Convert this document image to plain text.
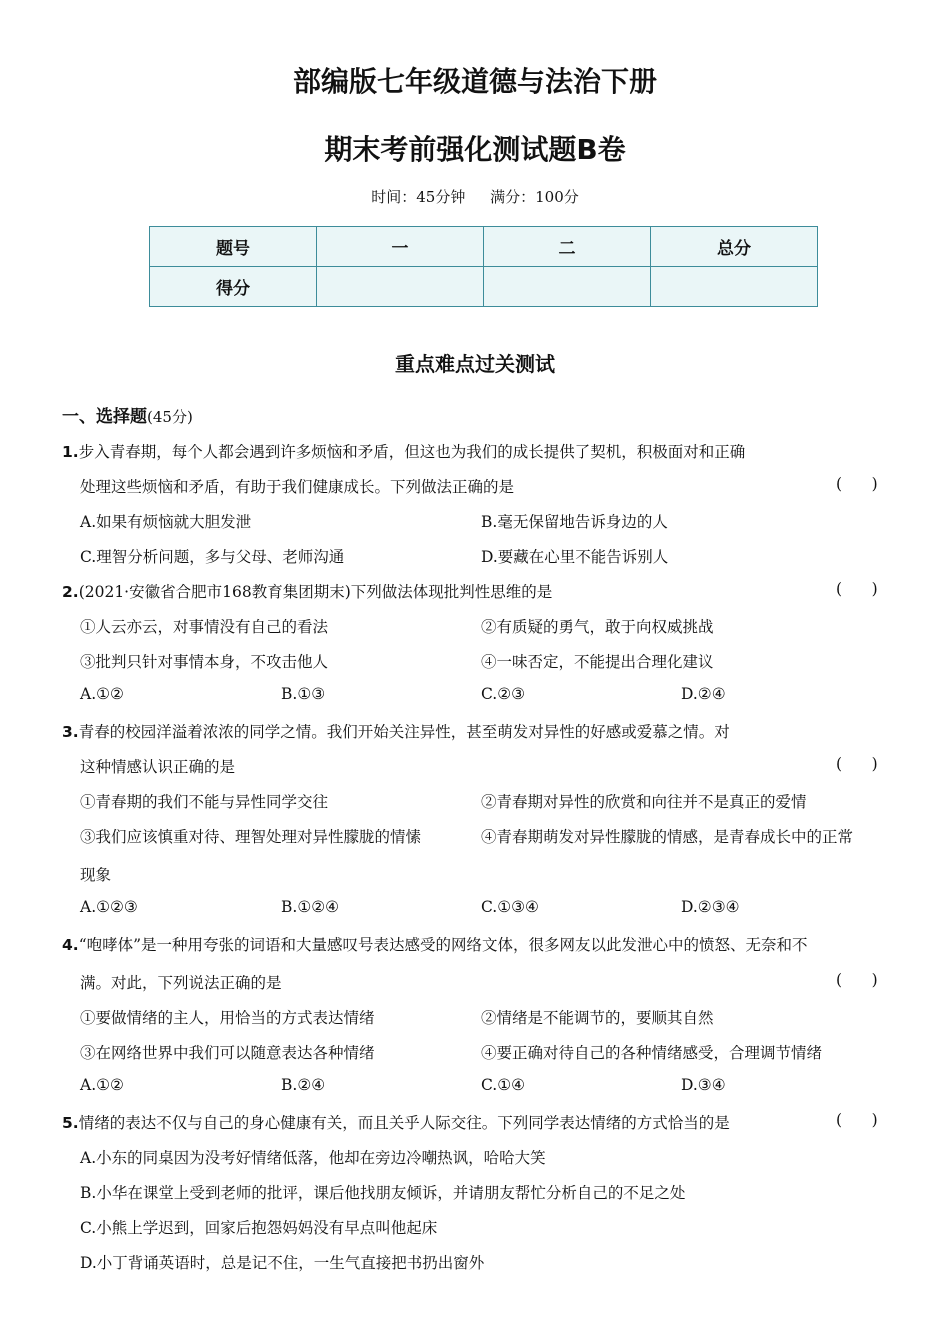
部编版七年级道德与法治下册
期末考前强化测试题B卷
时间：45分钟 满分：100分
题号	一	二	总分
得分			
重点难点过关测试
一、选择题(45分)
1.步入青春期，每个人都会遇到许多烦恼和矛盾，但这也为我们的成长提供了契机，积极面对和正确
处理这些烦恼和矛盾，有助于我们健康成长。下列做法正确的是	(      )
A.如果有烦恼就大胆发泄	B.毫无保留地告诉身边的人
C.理智分析问题，多与父母、老师沟通	D.要藏在心里不能告诉别人
2.(2021·安徽省合肥市168教育集团期末)下列做法体现批判性思维的是	(      )
①人云亦云，对事情没有自己的看法	②有质疑的勇气，敢于向权威挑战
③批判只针对事情本身，不攻击他人	④一味否定，不能提出合理化建议
A.①②	B.①③	C.②③	D.②④
3.青春的校园洋溢着浓浓的同学之情。我们开始关注异性，甚至萌发对异性的好感或爱慕之情。对
这种情感认识正确的是	(      )
①青春期的我们不能与异性同学交往	②青春期对异性的欣赏和向往并不是真正的爱情
③我们应该慎重对待、理智处理对异性朦胧的情愫	④青春期萌发对异性朦胧的情感，是青春成长中的正常
现象
A.①②③	B.①②④	C.①③④	D.②③④
4.“咆哮体”是一种用夸张的词语和大量感叹号表达感受的网络文体，很多网友以此发泄心中的愤怒、无奈和不
满。对此，下列说法正确的是	(      )
①要做情绪的主人，用恰当的方式表达情绪	②情绪是不能调节的，要顺其自然
③在网络世界中我们可以随意表达各种情绪	④要正确对待自己的各种情绪感受，合理调节情绪
A.①②	B.②④	C.①④	D.③④
5.情绪的表达不仅与自己的身心健康有关，而且关乎人际交往。下列同学表达情绪的方式恰当的是	(      )
A.小东的同桌因为没考好情绪低落，他却在旁边冷嘲热讽，哈哈大笑
B.小华在课堂上受到老师的批评，课后他找朋友倾诉，并请朋友帮忙分析自己的不足之处
C.小熊上学迟到，回家后抱怨妈妈没有早点叫他起床
D.小丁背诵英语时，总是记不住，一生气直接把书扔出窗外
